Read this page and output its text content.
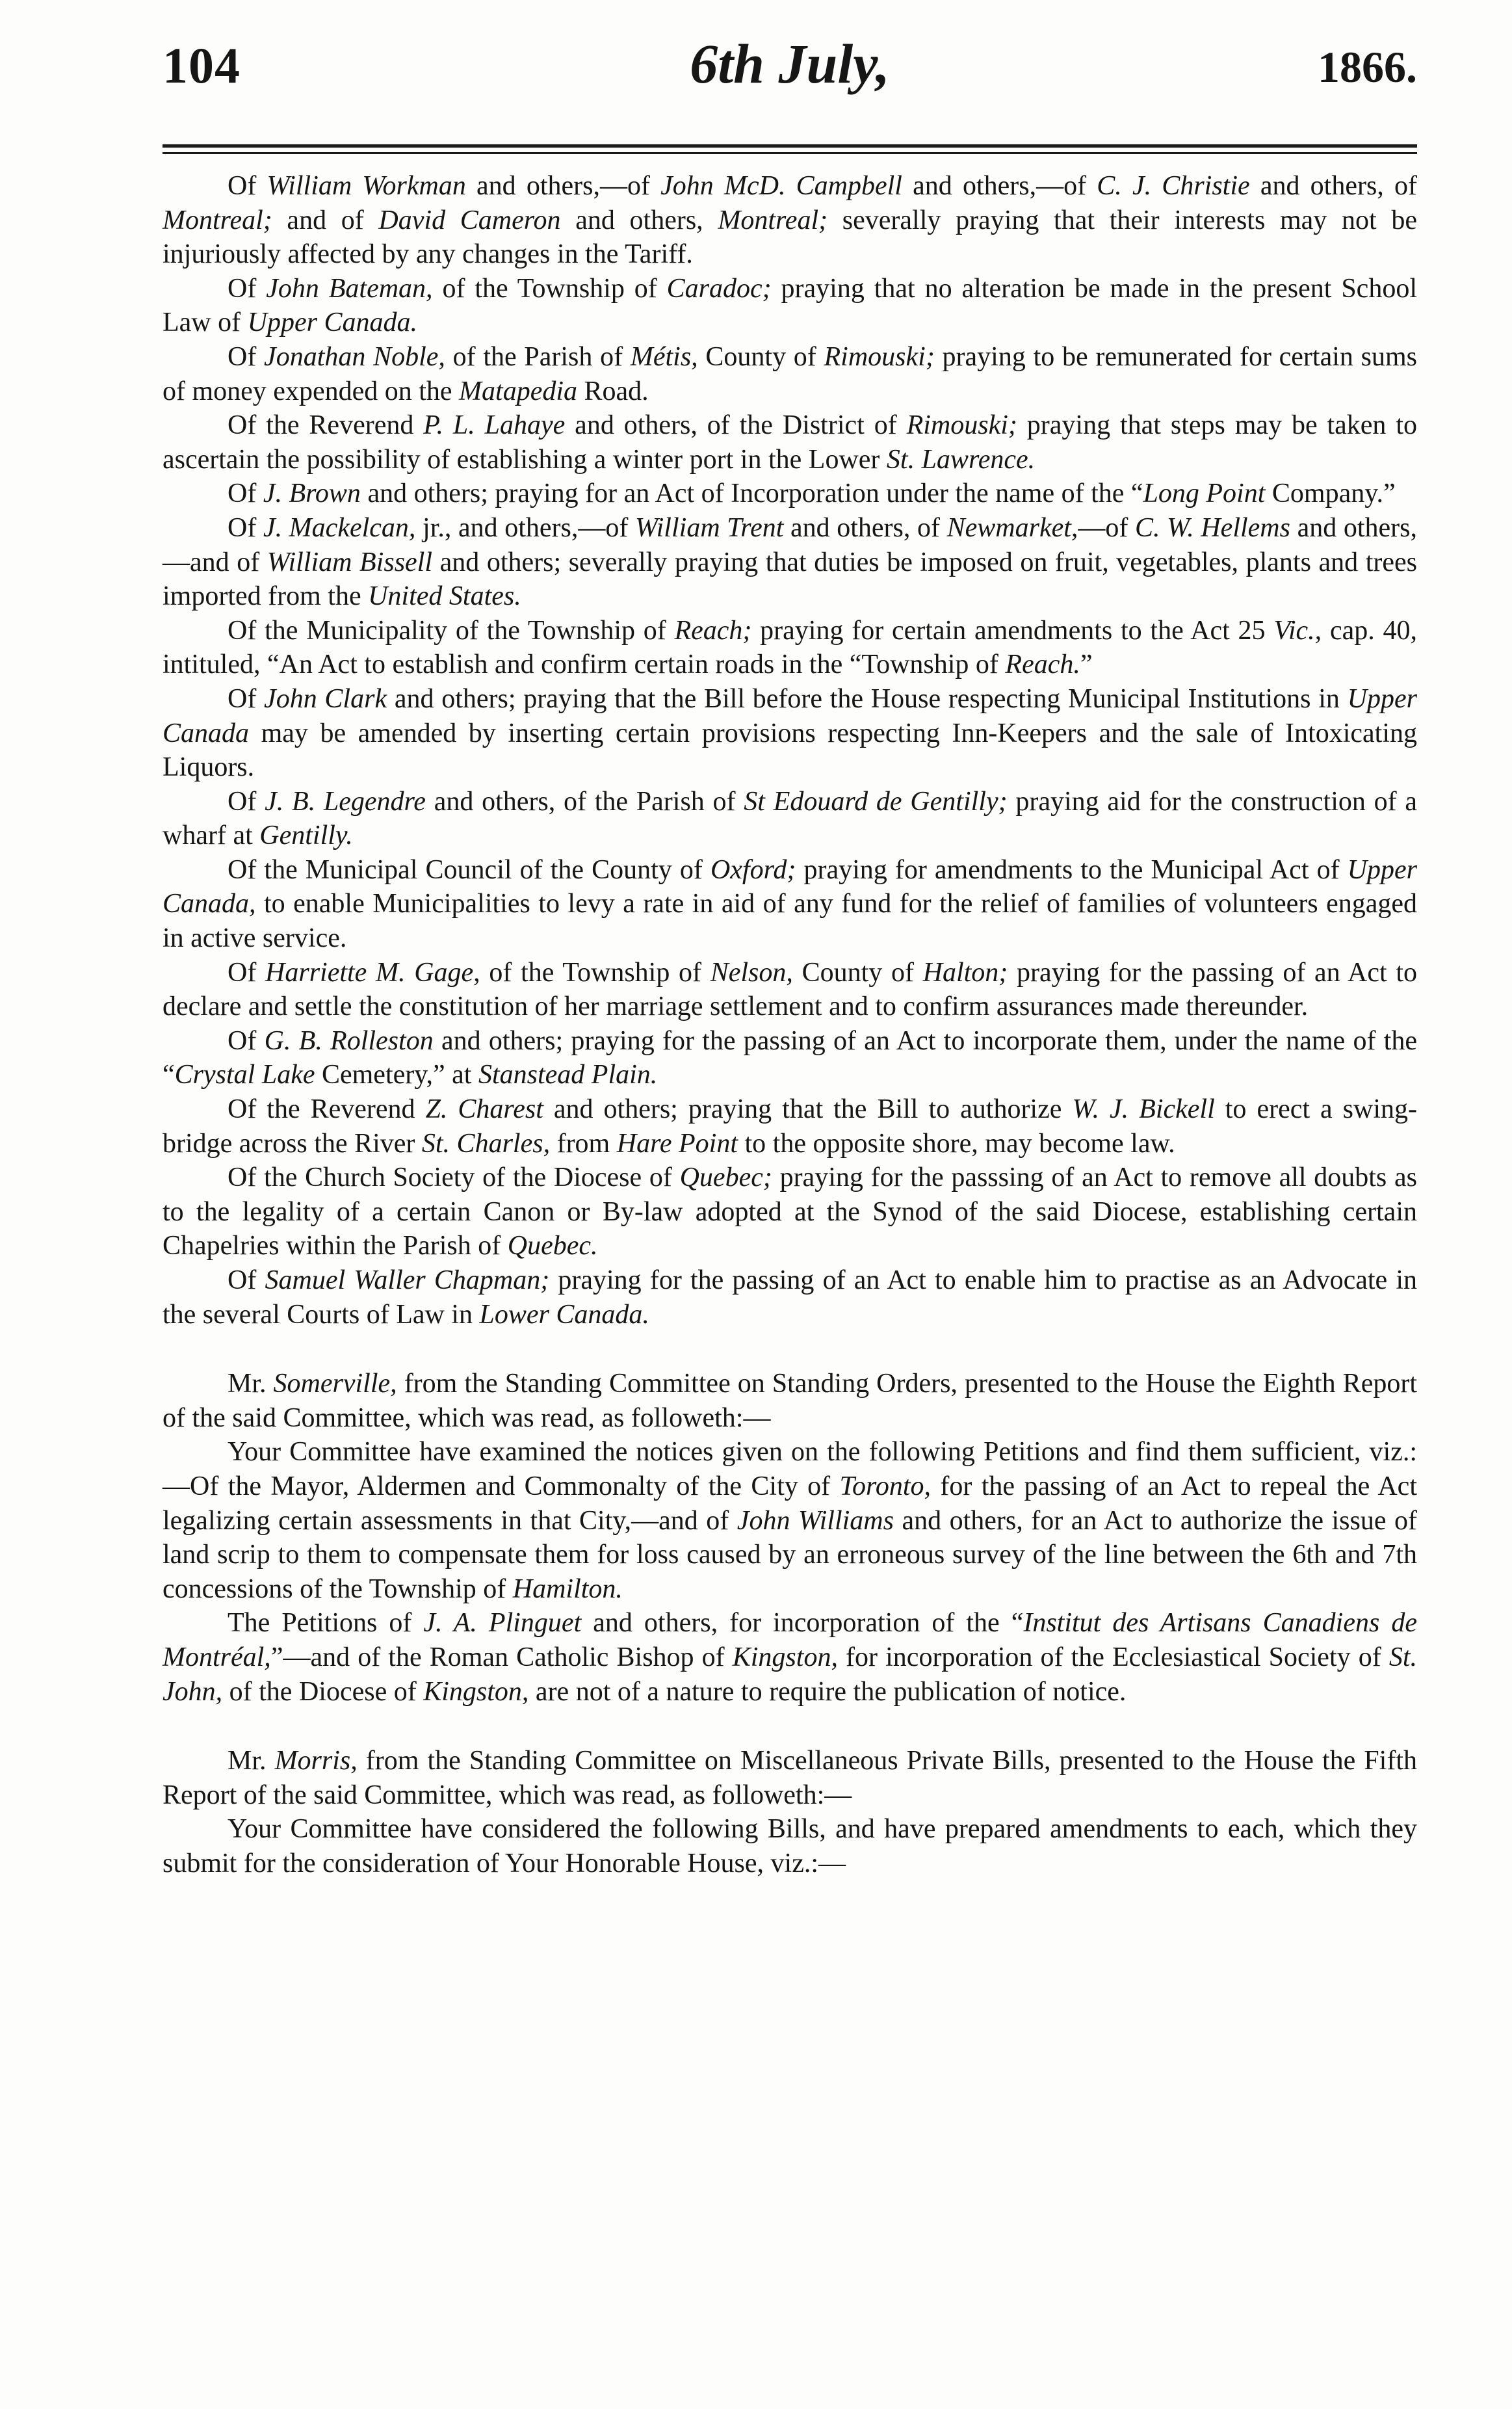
104	6th July,	1866.

Of William Workman and others,—of John McD. Campbell and others,—of C. J. Christie and others, of Montreal; and of David Cameron and others, Montreal; severally praying that their interests may not be injuriously affected by any changes in the Tariff.

Of John Bateman, of the Township of Caradoc; praying that no alteration be made in the present School Law of Upper Canada.

Of Jonathan Noble, of the Parish of Métis, County of Rimouski; praying to be remunerated for certain sums of money expended on the Matapedia Road.

Of the Reverend P. L. Lahaye and others, of the District of Rimouski; praying that steps may be taken to ascertain the possibility of establishing a winter port in the Lower St. Lawrence.

Of J. Brown and others; praying for an Act of Incorporation under the name of the “Long Point Company.”

Of J. Mackelcan, jr., and others,—of William Trent and others, of Newmarket,—of C. W. Hellems and others,—and of William Bissell and others; severally praying that duties be imposed on fruit, vegetables, plants and trees imported from the United States.

Of the Municipality of the Township of Reach; praying for certain amendments to the Act 25 Vic., cap. 40, intituled, “An Act to establish and confirm certain roads in the “Township of Reach.”

Of John Clark and others; praying that the Bill before the House respecting Municipal Institutions in Upper Canada may be amended by inserting certain provisions respecting Inn-Keepers and the sale of Intoxicating Liquors.

Of J. B. Legendre and others, of the Parish of St Edouard de Gentilly; praying aid for the construction of a wharf at Gentilly.

Of the Municipal Council of the County of Oxford; praying for amendments to the Municipal Act of Upper Canada, to enable Municipalities to levy a rate in aid of any fund for the relief of families of volunteers engaged in active service.

Of Harriette M. Gage, of the Township of Nelson, County of Halton; praying for the passing of an Act to declare and settle the constitution of her marriage settlement and to confirm assurances made thereunder.

Of G. B. Rolleston and others; praying for the passing of an Act to incorporate them, under the name of the “Crystal Lake Cemetery,” at Stanstead Plain.

Of the Reverend Z. Charest and others; praying that the Bill to authorize W. J. Bickell to erect a swing-bridge across the River St. Charles, from Hare Point to the opposite shore, may become law.

Of the Church Society of the Diocese of Quebec; praying for the passsing of an Act to remove all doubts as to the legality of a certain Canon or By-law adopted at the Synod of the said Diocese, establishing certain Chapelries within the Parish of Quebec.

Of Samuel Waller Chapman; praying for the passing of an Act to enable him to practise as an Advocate in the several Courts of Law in Lower Canada.

Mr. Somerville, from the Standing Committee on Standing Orders, presented to the House the Eighth Report of the said Committee, which was read, as followeth:—

Your Committee have examined the notices given on the following Petitions and find them sufficient, viz.:—Of the Mayor, Aldermen and Commonalty of the City of Toronto, for the passing of an Act to repeal the Act legalizing certain assessments in that City,—and of John Williams and others, for an Act to authorize the issue of land scrip to them to compensate them for loss caused by an erroneous survey of the line between the 6th and 7th concessions of the Township of Hamilton.

The Petitions of J. A. Plinguet and others, for incorporation of the “Institut des Artisans Canadiens de Montréal,”—and of the Roman Catholic Bishop of Kingston, for incorporation of the Ecclesiastical Society of St. John, of the Diocese of Kingston, are not of a nature to require the publication of notice.

Mr. Morris, from the Standing Committee on Miscellaneous Private Bills, presented to the House the Fifth Report of the said Committee, which was read, as followeth:—

Your Committee have considered the following Bills, and have prepared amendments to each, which they submit for the consideration of Your Honorable House, viz.:—
